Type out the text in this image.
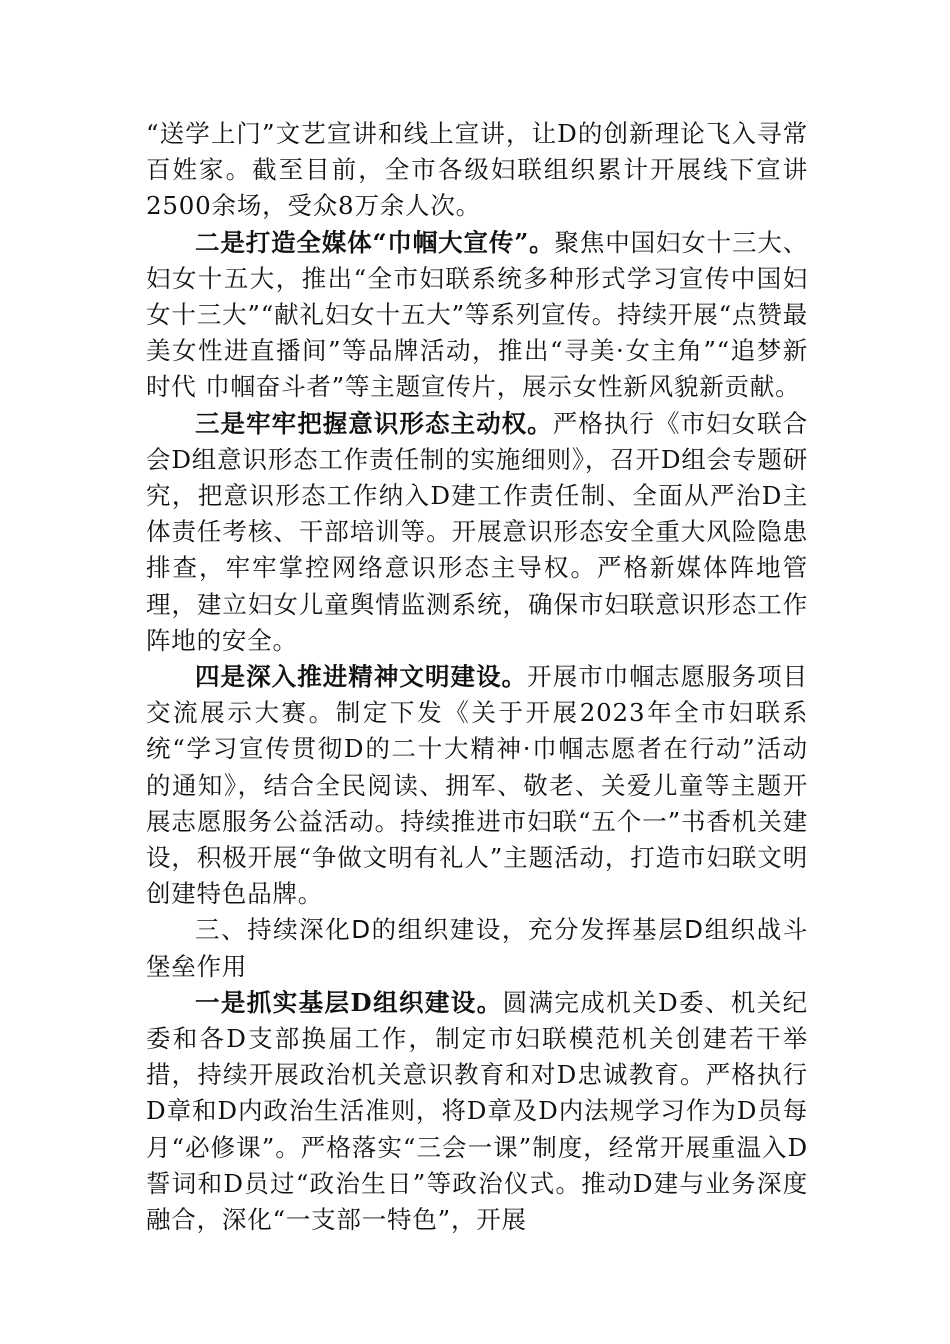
“送学上门”文艺宣讲和线上宣讲，让D的创新理论飞入寻常百姓家。截至目前，全市各级妇联组织累计开展线下宣讲2500余场，受众8万余人次。

二是打造全媒体“巾帼大宣传”。聚焦中国妇女十三大、妇女十五大，推出“全市妇联系统多种形式学习宣传中国妇女十三大”“献礼妇女十五大”等系列宣传。持续开展“点赞最美女性进直播间”等品牌活动，推出“寻美·女主角”“追梦新时代 巾帼奋斗者”等主题宣传片，展示女性新风貌新贡献。

三是牢牢把握意识形态主动权。严格执行《市妇女联合会D组意识形态工作责任制的实施细则》，召开D组会专题研究，把意识形态工作纳入D建工作责任制、全面从严治D主体责任考核、干部培训等。开展意识形态安全重大风险隐患排查，牢牢掌控网络意识形态主导权。严格新媒体阵地管理，建立妇女儿童舆情监测系统，确保市妇联意识形态工作阵地的安全。

四是深入推进精神文明建设。开展市巾帼志愿服务项目交流展示大赛。制定下发《关于开展2023年全市妇联系统“学习宣传贯彻D的二十大精神·巾帼志愿者在行动”活动的通知》，结合全民阅读、拥军、敬老、关爱儿童等主题开展志愿服务公益活动。持续推进市妇联“五个一”书香机关建设，积极开展“争做文明有礼人”主题活动，打造市妇联文明创建特色品牌。

三、持续深化D的组织建设，充分发挥基层D组织战斗堡垒作用

一是抓实基层D组织建设。圆满完成机关D委、机关纪委和各D支部换届工作，制定市妇联模范机关创建若干举措，持续开展政治机关意识教育和对D忠诚教育。严格执行D章和D内政治生活准则，将D章及D内法规学习作为D员每月“必修课”。严格落实“三会一课”制度，经常开展重温入D誓词和D员过“政治生日”等政治仪式。推动D建与业务深度融合，深化“一支部一特色”，开展
